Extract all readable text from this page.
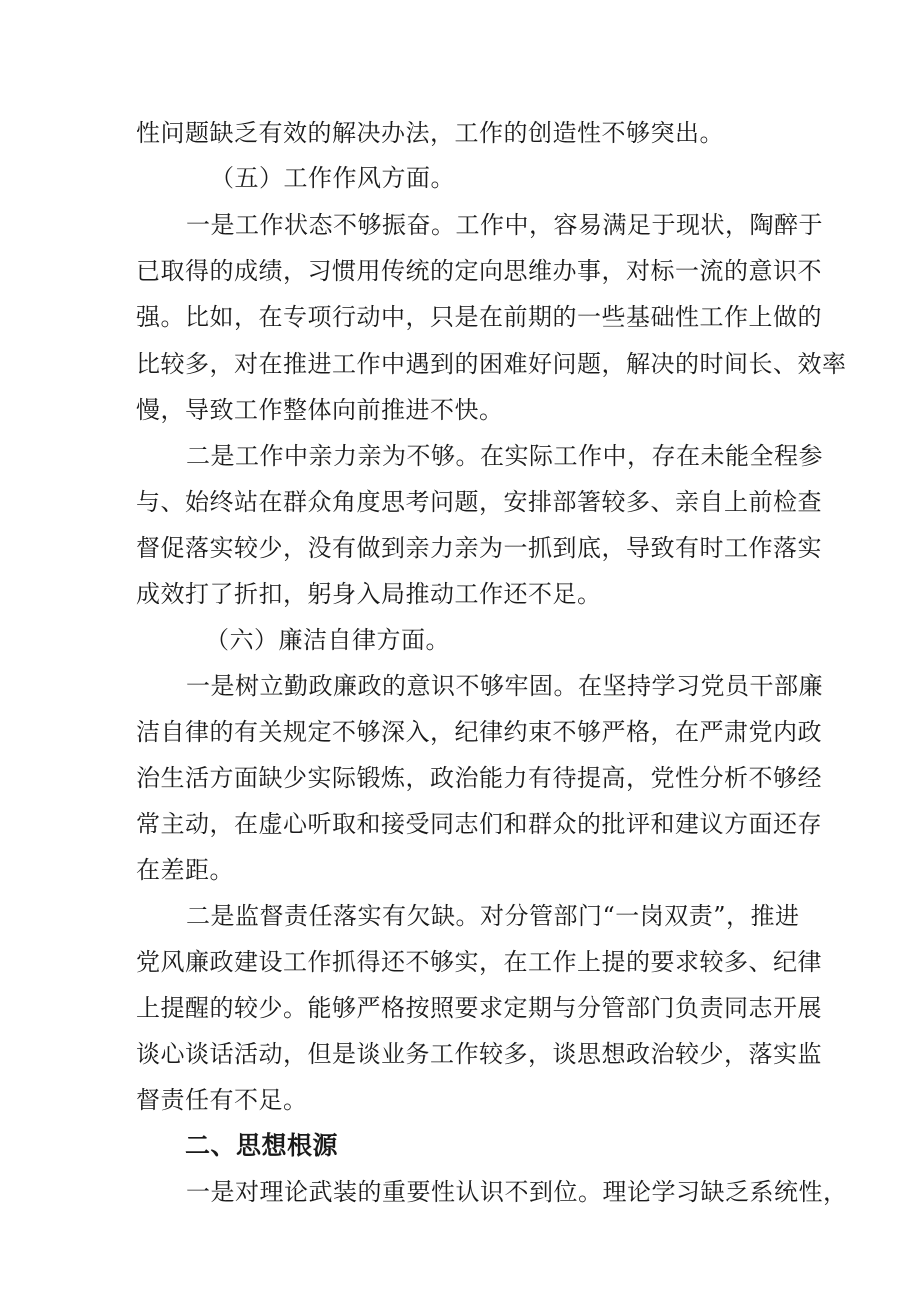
性问题缺乏有效的解决办法，工作的创造性不够突出。
（五）工作作风方面。
一是工作状态不够振奋。工作中，容易满足于现状，陶醉于
已取得的成绩，习惯用传统的定向思维办事，对标一流的意识不
强。比如，在专项行动中，只是在前期的一些基础性工作上做的
比较多，对在推进工作中遇到的困难好问题，解决的时间长、效率
慢，导致工作整体向前推进不快。
二是工作中亲力亲为不够。在实际工作中，存在未能全程参
与、始终站在群众角度思考问题，安排部箸较多、亲自上前检查
督促落实较少，没有做到亲力亲为一抓到底，导致有时工作落实
成效打了折扣，躬身入局推动工作还不足。
（六）廉洁自律方面。
一是树立勤政廉政的意识不够牢固。在坚持学习党员干部廉
洁自律的有关规定不够深入，纪律约束不够严格，在严肃党内政
治生活方面缺少实际锻炼，政治能力有待提高，党性分析不够经
常主动，在虚心听取和接受同志们和群众的批评和建议方面还存
在差距。
二是监督责任落实有欠缺。对分管部门“一岗双责”，推进
党风廉政建设工作抓得还不够实，在工作上提的要求较多、纪律
上提醒的较少。能够严格按照要求定期与分管部门负责同志开展
谈心谈话活动，但是谈业务工作较多，谈思想政治较少，落实监
督责任有不足。
二、思想根源
一是对理论武装的重要性认识不到位。理论学习缺乏系统性，
